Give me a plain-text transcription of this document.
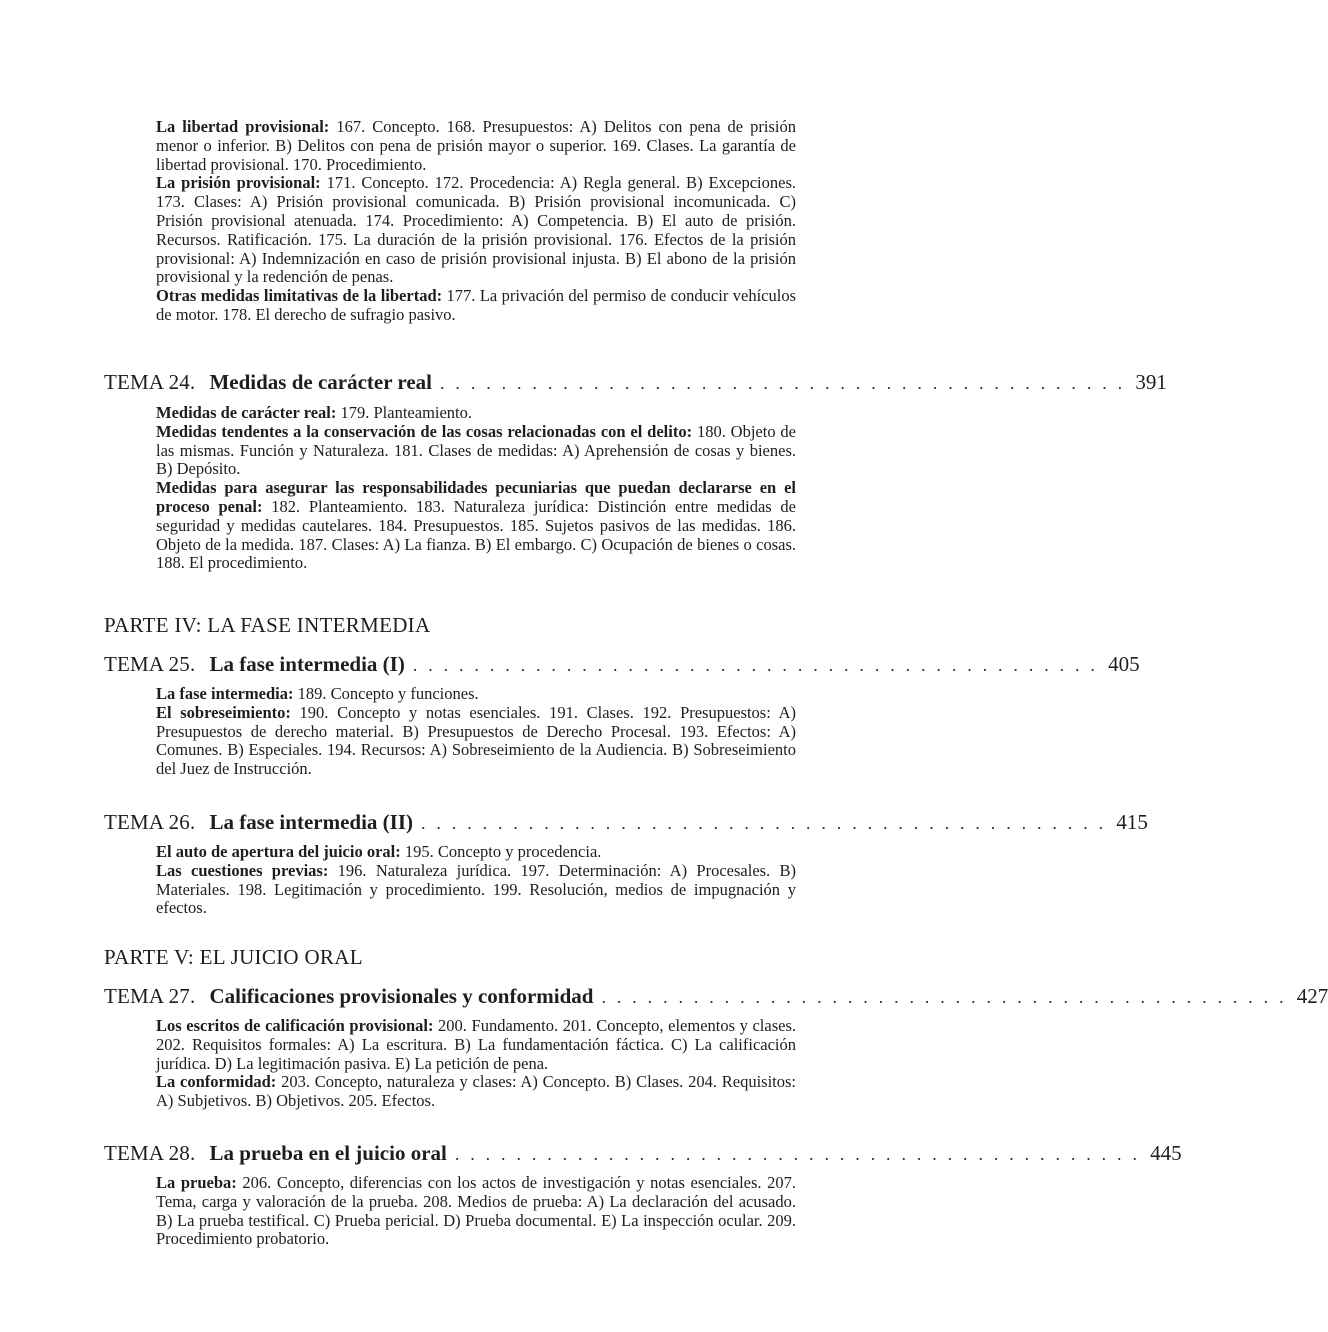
La libertad provisional: 167. Concepto. 168. Presupuestos: A) Delitos con pena de prisión menor o inferior. B) Delitos con pena de prisión mayor o superior. 169. Clases. La garantía de libertad provisional. 170. Procedimiento.

La prisión provisional: 171. Concepto. 172. Procedencia: A) Regla general. B) Excepciones. 173. Clases: A) Prisión provisional comunicada. B) Prisión provisional incomunicada. C) Prisión provisional atenuada. 174. Procedimiento: A) Competencia. B) El auto de prisión. Recursos. Ratificación. 175. La duración de la prisión provisional. 176. Efectos de la prisión provisional: A) Indemnización en caso de prisión provisional injusta. B) El abono de la prisión provisional y la redención de penas.

Otras medidas limitativas de la libertad: 177. La privación del permiso de conducir vehículos de motor. 178. El derecho de sufragio pasivo.

TEMA 24. Medidas de carácter real . . . . . . . . . . . . . . . . . . . . . . . . . . . . . . . . . . . . . . . . . . . . . 391

Medidas de carácter real: 179. Planteamiento.

Medidas tendentes a la conservación de las cosas relacionadas con el delito: 180. Objeto de las mismas. Función y Naturaleza. 181. Clases de medidas: A) Aprehensión de cosas y bienes. B) Depósito.

Medidas para asegurar las responsabilidades pecuniarias que puedan declararse en el proceso penal: 182. Planteamiento. 183. Naturaleza jurídica: Distinción entre medidas de seguridad y medidas cautelares. 184. Presupuestos. 185. Sujetos pasivos de las medidas. 186. Objeto de la medida. 187. Clases: A) La fianza. B) El embargo. C) Ocupación de bienes o cosas. 188. El procedimiento.

PARTE IV: LA FASE INTERMEDIA
TEMA 25. La fase intermedia (I) . . . . . . . . . . . . . . . . . . . . . . . . . . . . . . . . . . . . . . . . . . . . . 405

La fase intermedia: 189. Concepto y funciones.

El sobreseimiento: 190. Concepto y notas esenciales. 191. Clases. 192. Presupuestos: A) Presupuestos de derecho material. B) Presupuestos de Derecho Procesal. 193. Efectos: A) Comunes. B) Especiales. 194. Recursos: A) Sobreseimiento de la Audiencia. B) Sobreseimiento del Juez de Instrucción.

TEMA 26. La fase intermedia (II) . . . . . . . . . . . . . . . . . . . . . . . . . . . . . . . . . . . . . . . . . . . . . 415

El auto de apertura del juicio oral: 195. Concepto y procedencia.

Las cuestiones previas: 196. Naturaleza jurídica. 197. Determinación: A) Procesales. B) Materiales. 198. Legitimación y procedimiento. 199. Resolución, medios de impugnación y efectos.

PARTE V: EL JUICIO ORAL
TEMA 27. Calificaciones provisionales y conformidad . . . . . . . . . . . . . . . . . . . . . . . . . . . . . . . . . . . . . . . . . . . . . 427

Los escritos de calificación provisional: 200. Fundamento. 201. Concepto, elementos y clases. 202. Requisitos formales: A) La escritura. B) La fundamentación fáctica. C) La calificación jurídica. D) La legitimación pasiva. E) La petición de pena.

La conformidad: 203. Concepto, naturaleza y clases: A) Concepto. B) Clases. 204. Requisitos: A) Subjetivos. B) Objetivos. 205. Efectos.

TEMA 28. La prueba en el juicio oral . . . . . . . . . . . . . . . . . . . . . . . . . . . . . . . . . . . . . . . . . . . . . 445

La prueba: 206. Concepto, diferencias con los actos de investigación y notas esenciales. 207. Tema, carga y valoración de la prueba. 208. Medios de prueba: A) La declaración del acusado. B) La prueba testifical. C) Prueba pericial. D) Prueba documental. E) La inspección ocular. 209. Procedimiento probatorio.
